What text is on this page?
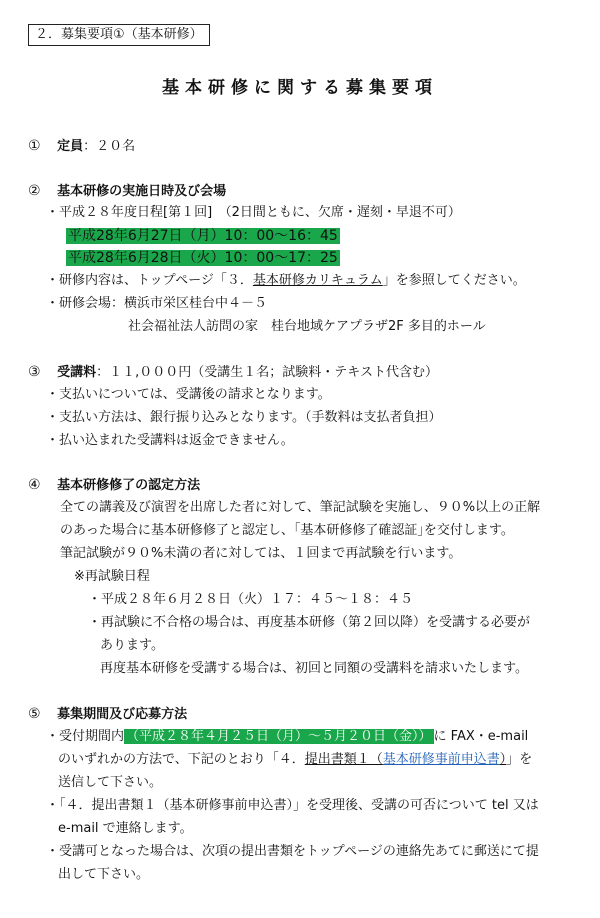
２．募集要項①（基本研修）
基本研修に関する募集要項
① 定員：２０名
② 基本研修の実施日時及び会場
・平成２８年度日程[第１回]　（2日間ともに、欠席・遅刻・早退不可）
平成28年6月27日（月）10：00～16：45
平成28年6月28日（火）10：00～17：25
・研修内容は、トップページ「３．基本研修カリキュラム」を参照してください。
・研修会場：横浜市栄区桂台中４－５
社会福祉法人訪問の家　桂台地域ケアプラザ2F 多目的ホール
③ 受講料：１１,０００円（受講生１名；試験料・テキスト代含む）
・支払いについては、受講後の請求となります。
・支払い方法は、銀行振り込みとなります。（手数料は支払者負担）
・払い込まれた受講料は返金できません。
④ 基本研修修了の認定方法
全ての講義及び演習を出席した者に対して、筆記試験を実施し、９０%以上の正解
のあった場合に基本研修修了と認定し、｢基本研修修了確認証｣を交付します。
筆記試験が９０%未満の者に対しては、１回まで再試験を行います。
※再試験日程
・平成２８年６月２８日（火）１７：４５～１８：４５
・再試験に不合格の場合は、再度基本研修（第２回以降）を受講する必要が
あります。
再度基本研修を受講する場合は、初回と同額の受講料を請求いたします。
⑤ 募集期間及び応募方法
・受付期間内 （平成２８年４月２５日（月）～５月２０日（金）） に FAX・e-mail
のいずれかの方法で、下記のとおり「４．提出書類１（基本研修事前申込書）」を
送信して下さい。
・「４．提出書類１（基本研修事前申込書）」を受理後、受講の可否について tel 又は
e-mail で連絡します。
・受講可となった場合は、次項の提出書類をトップページの連絡先あてに郵送にて提
出して下さい。
